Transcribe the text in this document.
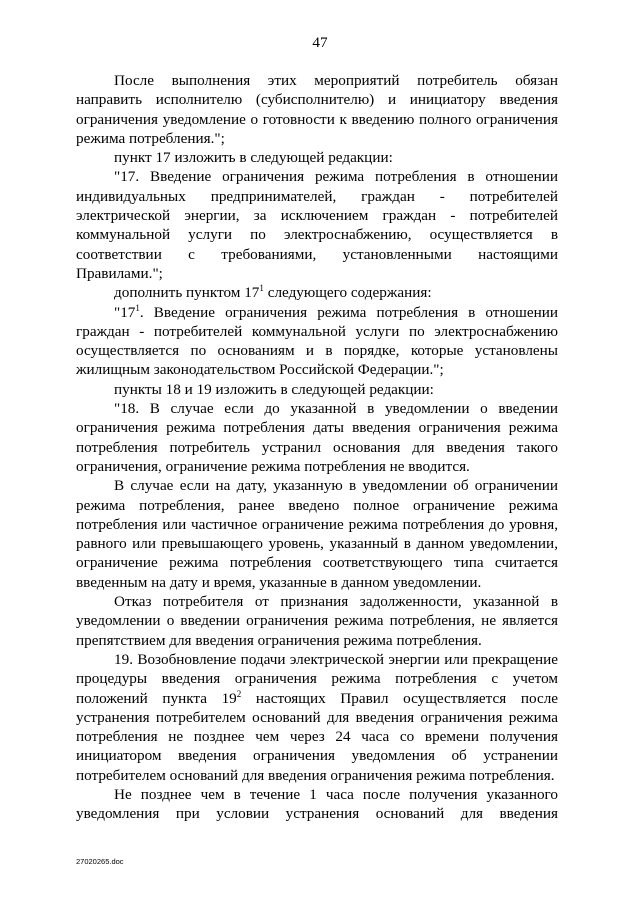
47

После выполнения этих мероприятий потребитель обязан направить исполнителю (субисполнителю) и инициатору введения ограничения уведомление о готовности к введению полного ограничения режима потребления.";

пункт 17 изложить в следующей редакции:

"17. Введение ограничения режима потребления в отношении индивидуальных предпринимателей, граждан - потребителей электрической энергии, за исключением граждан - потребителей коммунальной услуги по электроснабжению, осуществляется в соответствии с требованиями, установленными настоящими Правилами.";

дополнить пунктом $17^1$ следующего содержания:

"$17^1$. Введение ограничения режима потребления в отношении граждан - потребителей коммунальной услуги по электроснабжению осуществляется по основаниям и в порядке, которые установлены жилищным законодательством Российской Федерации.";

пункты 18 и 19 изложить в следующей редакции:

"18. В случае если до указанной в уведомлении о введении ограничения режима потребления даты введения ограничения режима потребления потребитель устранил основания для введения такого ограничения, ограничение режима потребления не вводится.

В случае если на дату, указанную в уведомлении об ограничении режима потребления, ранее введено полное ограничение режима потребления или частичное ограничение режима потребления до уровня, равного или превышающего уровень, указанный в данном уведомлении, ограничение режима потребления соответствующего типа считается введенным на дату и время, указанные в данном уведомлении.

Отказ потребителя от признания задолженности, указанной в уведомлении о введении ограничения режима потребления, не является препятствием для введения ограничения режима потребления.

19. Возобновление подачи электрической энергии или прекращение процедуры введения ограничения режима потребления с учетом положений пункта $19^2$ настоящих Правил осуществляется после устранения потребителем оснований для введения ограничения режима потребления не позднее чем через 24 часа со времени получения инициатором введения ограничения уведомления об устранении потребителем оснований для введения ограничения режима потребления.

Не позднее чем в течение 1 часа после получения указанного уведомления при условии устранения оснований для введения

27020265.doc
